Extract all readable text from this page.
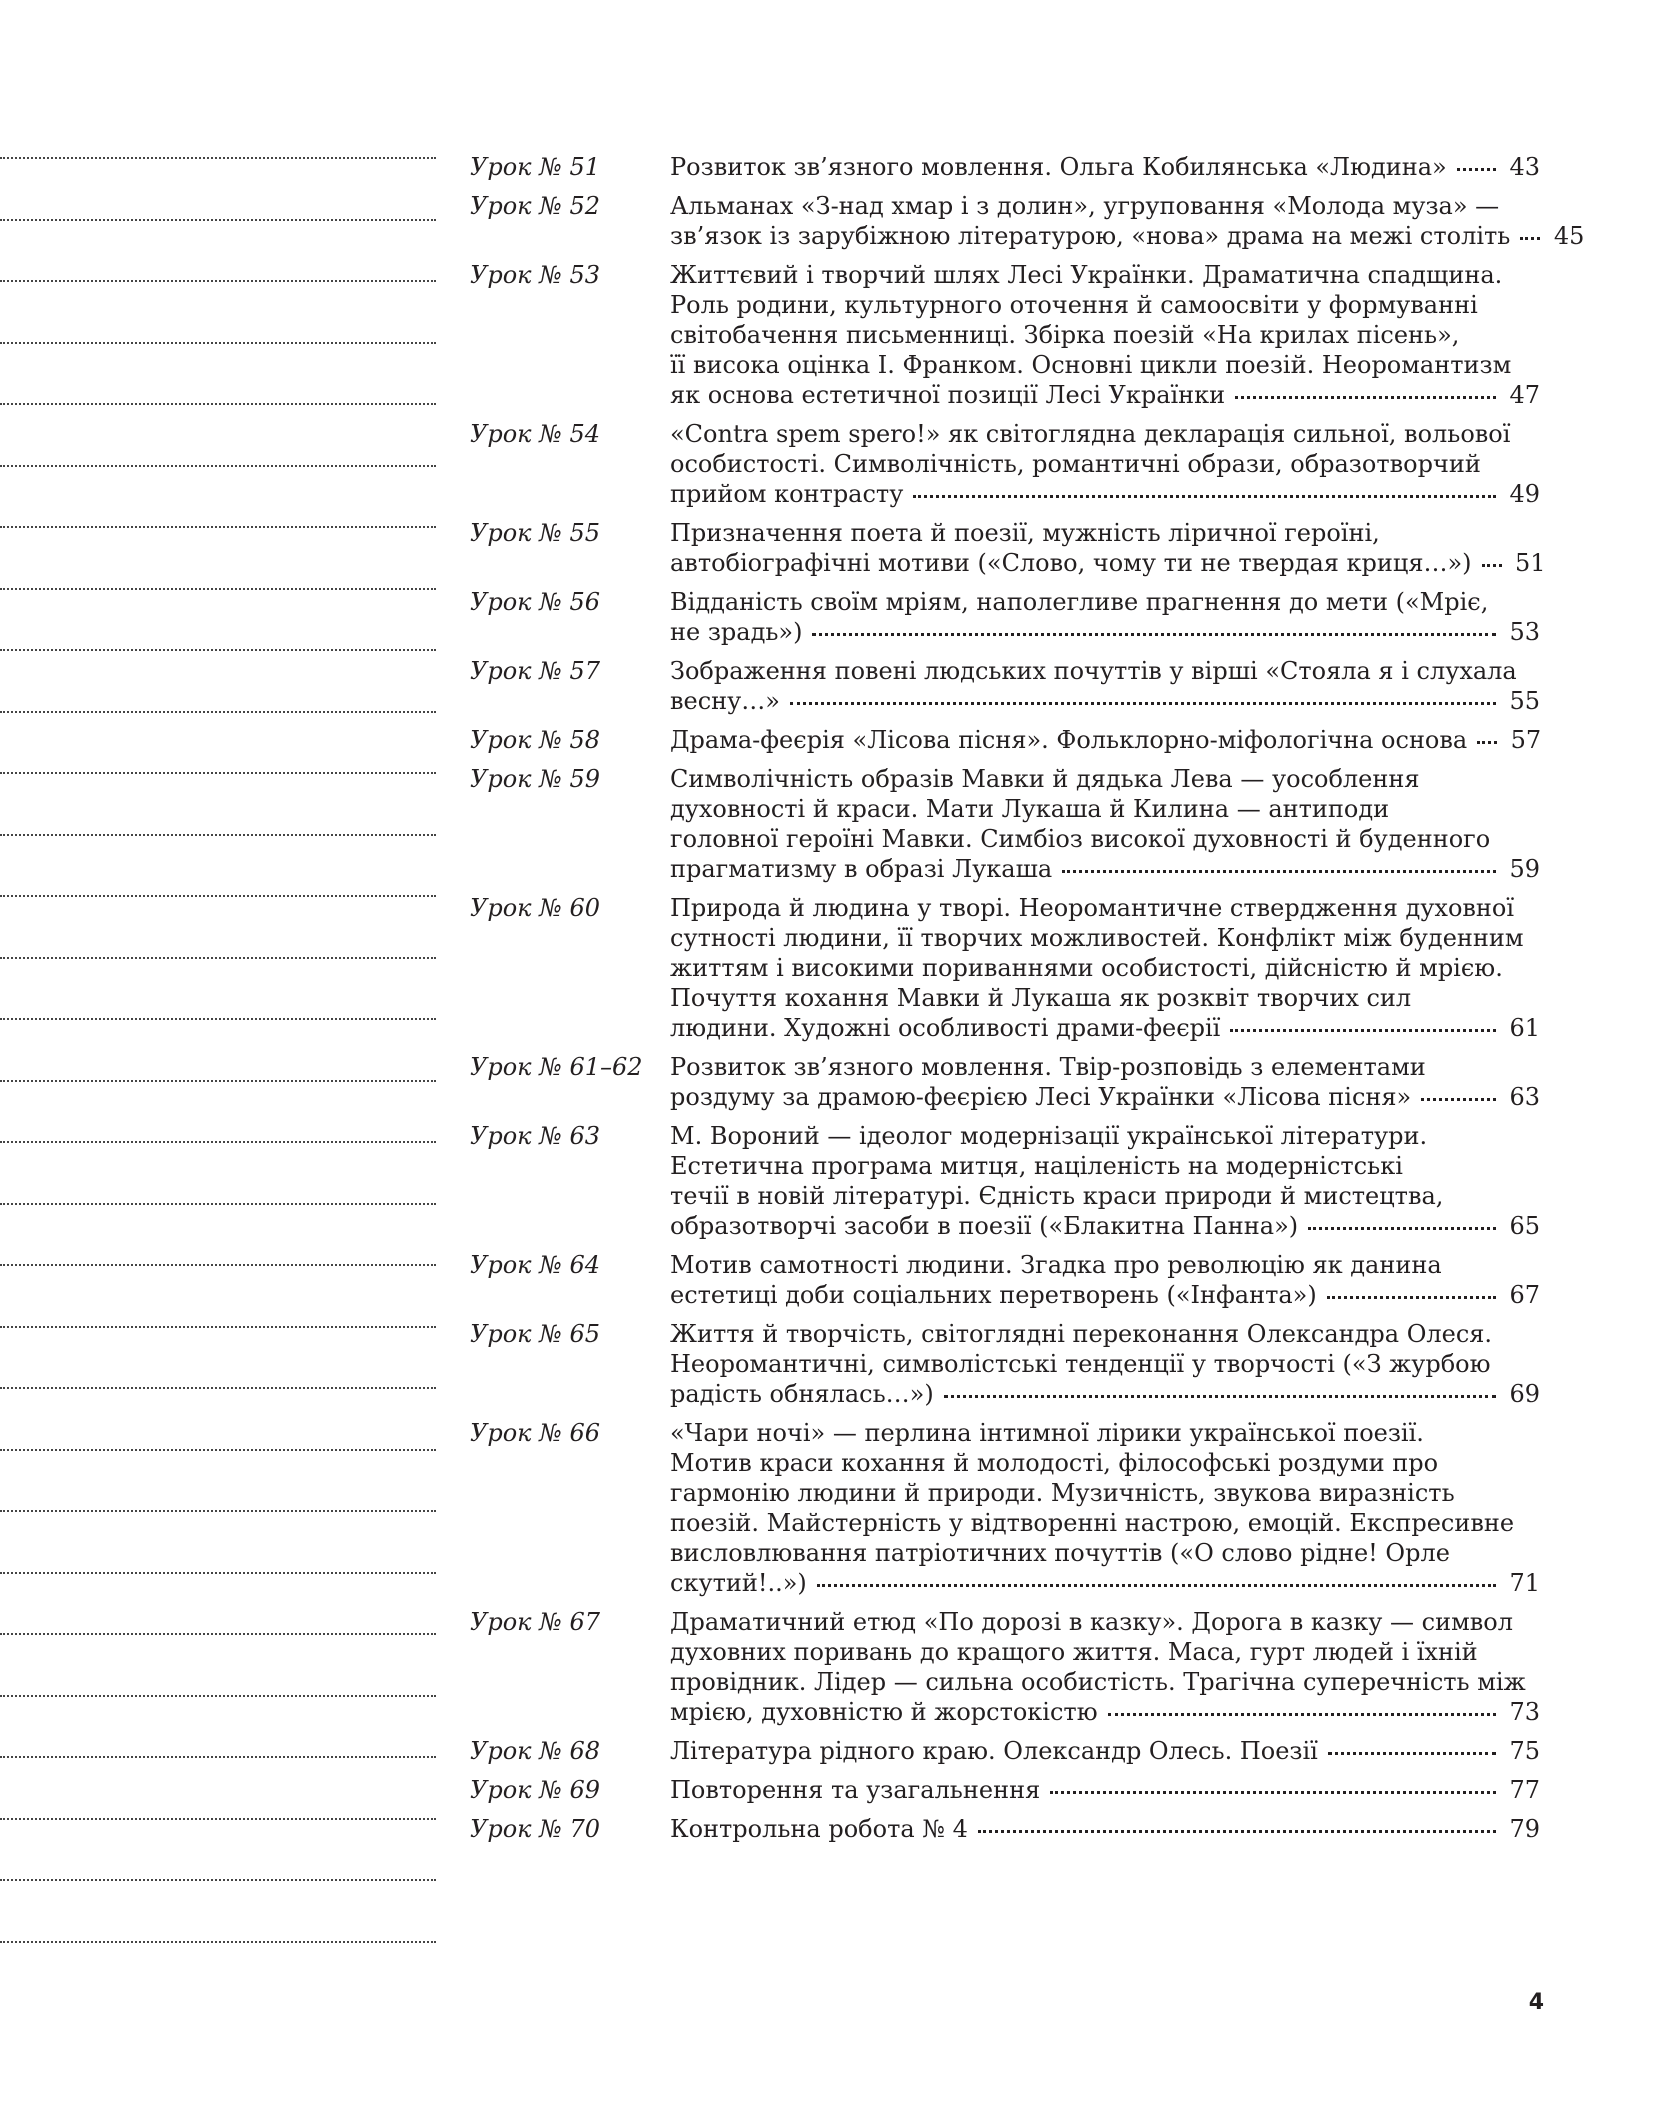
Урок № 51	Розвиток зв’язного мовлення. Ольга Кобилянська «Людина»	43
Урок № 52	Альманах «З-над хмар і з долин», угруповання «Молода муза» —
зв’язок із зарубіжною літературою, «нова» драма на межі століть 45
Урок № 53	Життєвий і творчий шлях Лесі Українки. Драматична спадщина.
Роль родини, культурного оточення й самоосвіти у формуванні
світобачення письменниці. Збірка поезій «На крилах пісень»,
її висока оцінка І. Франком. Основні цикли поезій. Неоромантизм
як основа естетичної позиції Лесі Українки	47
Урок № 54	«Contra spem spero!» як світоглядна декларація сильної, вольової
особистості. Символічність, романтичні образи, образотворчий
прийом контрасту	49
Урок № 55	Призначення поета й поезії, мужність ліричної героїні,
автобіографічні мотиви («Слово, чому ти не твердая криця…») 51
Урок № 56	Відданість своїм мріям, наполегливе прагнення до мети («Мріє,
не зрадь»)	53
Урок № 57	Зображення повені людських почуттів у вірші «Стояла я і слухала
весну…»	55
Урок № 58	Драма-феєрія «Лісова пісня». Фольклорно-міфологічна основа 57
Урок № 59	Символічність образів Мавки й дядька Лева — уособлення
духовності й краси. Мати Лукаша й Килина — антиподи
головної героїні Мавки. Симбіоз високої духовності й буденного
прагматизму в образі Лукаша	59
Урок № 60	Природа й людина у творі. Неоромантичне ствердження духовної
сутності людини, її творчих можливостей. Конфлікт між буденним
життям і високими пориваннями особистості, дійсністю й мрією.
Почуття кохання Мавки й Лукаша як розквіт творчих сил
людини. Художні особливості драми-феєрії	61
Урок № 61–62 Розвиток зв’язного мовлення. Твір-розповідь з елементами
роздуму за драмою-феєрією Лесі Українки «Лісова пісня»	63
Урок № 63	М. Вороний — ідеолог модернізації української літератури.
Естетична програма митця, націленість на модерністські
течії в новій літературі. Єдність краси природи й мистецтва,
образотворчі засоби в поезії («Блакитна Панна»)	65
Урок № 64	Мотив самотності людини. Згадка про революцію як данина
естетиці доби соціальних перетворень («Інфанта»)	67
Урок № 65	Життя й творчість, світоглядні переконання Олександра Олеся.
Неоромантичні, символістські тенденції у творчості («З журбою
радість обнялась…»)	69
Урок № 66	«Чари ночі» — перлина інтимної лірики української поезії.
Мотив краси кохання й молодості, філософські роздуми про
гармонію людини й природи. Музичність, звукова виразність
поезій. Майстерність у відтворенні настрою, емоцій. Експресивне
висловлювання патріотичних почуттів («О слово рідне! Орле
скутий!..»)	71
Урок № 67	Драматичний етюд «По дорозі в казку». Дорога в казку — символ
духовних поривань до кращого життя. Маса, гурт людей і їхній
провідник. Лідер — сильна особистість. Трагічна суперечність між
мрією, духовністю й жорстокістю	73
Урок № 68	Література рідного краю. Олександр Олесь. Поезії	75
Урок № 69	Повторення та узагальнення	77
Урок № 70	Контрольна робота № 4	79
4
